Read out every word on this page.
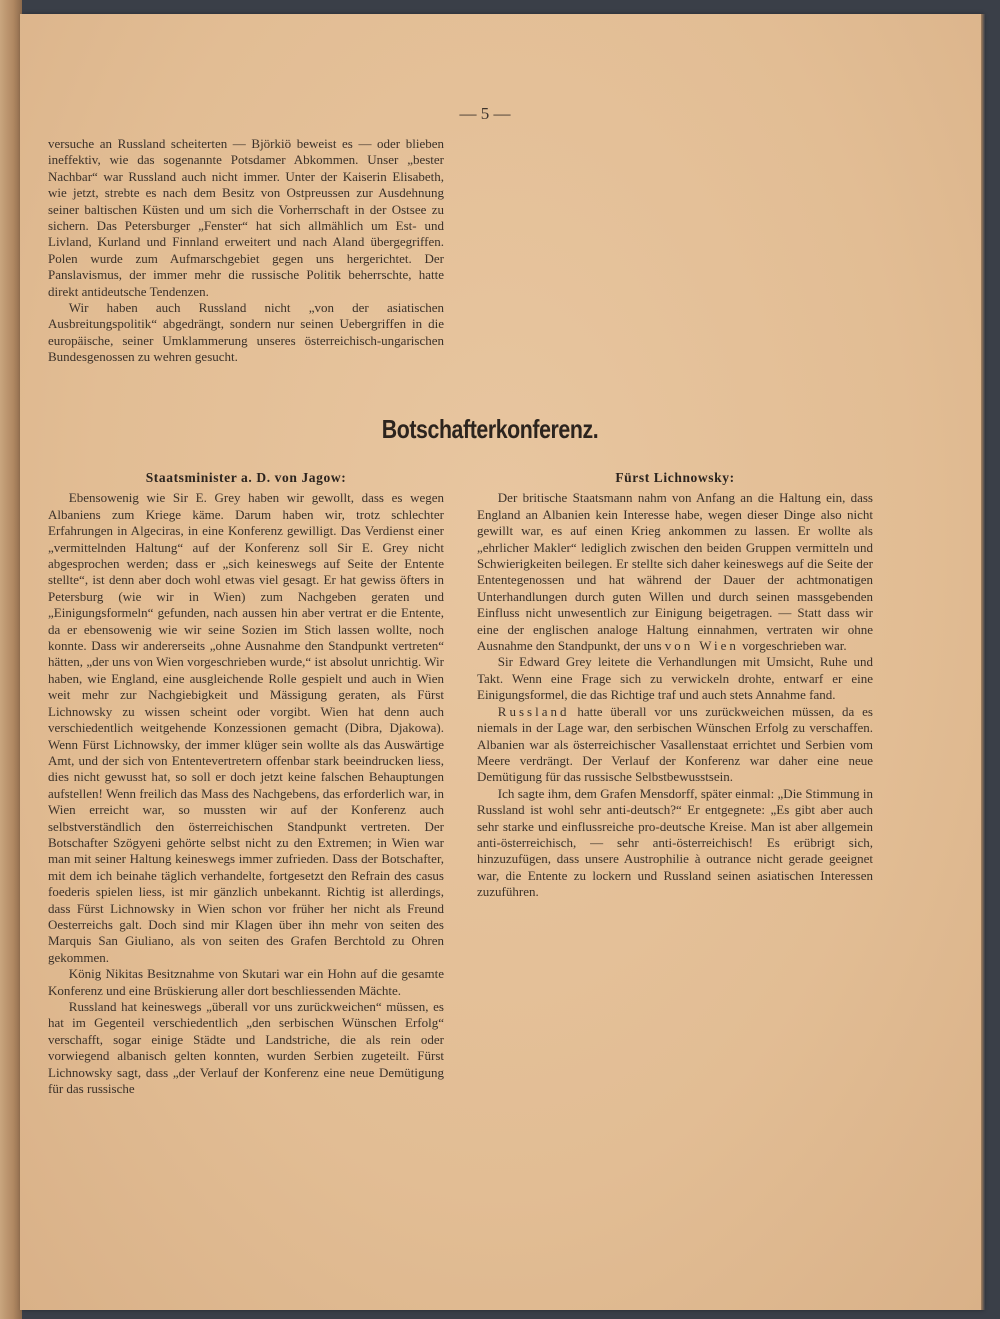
— 5 —

versuche an Russland scheiterten — Björkiö beweist es — oder blieben ineffektiv, wie das sogenannte Potsdamer Abkommen. Unser „bester Nachbar“ war Russland auch nicht immer. Unter der Kaiserin Elisabeth, wie jetzt, strebte es nach dem Besitz von Ostpreussen zur Ausdehnung seiner baltischen Küsten und um sich die Vorherrschaft in der Ostsee zu sichern. Das Petersburger „Fenster“ hat sich allmählich um Est- und Livland, Kurland und Finnland erweitert und nach Aland übergegriffen. Polen wurde zum Aufmarschgebiet gegen uns hergerichtet. Der Panslavismus, der immer mehr die russische Politik beherrschte, hatte direkt antideutsche Tendenzen.

Wir haben auch Russland nicht „von der asiatischen Ausbreitungspolitik“ abgedrängt, sondern nur seinen Uebergriffen in die europäische, seiner Umklammerung unseres österreichisch-ungarischen Bundesgenossen zu wehren gesucht.

Botschafterkonferenz.
Staatsminister a. D. von Jagow:

Ebensowenig wie Sir E. Grey haben wir gewollt, dass es wegen Albaniens zum Kriege käme. Darum haben wir, trotz schlechter Erfahrungen in Algeciras, in eine Konferenz gewilligt. Das Verdienst einer „vermittelnden Haltung“ auf der Konferenz soll Sir E. Grey nicht abgesprochen werden; dass er „sich keineswegs auf Seite der Entente stellte“, ist denn aber doch wohl etwas viel gesagt. Er hat gewiss öfters in Petersburg (wie wir in Wien) zum Nachgeben geraten und „Einigungsformeln“ gefunden, nach aussen hin aber vertrat er die Entente, da er ebensowenig wie wir seine Sozien im Stich lassen wollte, noch konnte. Dass wir andererseits „ohne Ausnahme den Standpunkt vertreten“ hätten, „der uns von Wien vorgeschrieben wurde,“ ist absolut unrichtig. Wir haben, wie England, eine ausgleichende Rolle gespielt und auch in Wien weit mehr zur Nachgiebigkeit und Mässigung geraten, als Fürst Lichnowsky zu wissen scheint oder vorgibt. Wien hat denn auch verschiedentlich weitgehende Konzessionen gemacht (Dibra, Djakowa). Wenn Fürst Lichnowsky, der immer klüger sein wollte als das Auswärtige Amt, und der sich von Ententevertretern offenbar stark beeindrucken liess, dies nicht gewusst hat, so soll er doch jetzt keine falschen Behauptungen aufstellen! Wenn freilich das Mass des Nachgebens, das erforderlich war, in Wien erreicht war, so mussten wir auf der Konferenz auch selbstverständlich den österreichischen Standpunkt vertreten. Der Botschafter Szögyeni gehörte selbst nicht zu den Extremen; in Wien war man mit seiner Haltung keineswegs immer zufrieden. Dass der Botschafter, mit dem ich beinahe täglich verhandelte, fortgesetzt den Refrain des casus foederis spielen liess, ist mir gänzlich unbekannt. Richtig ist allerdings, dass Fürst Lichnowsky in Wien schon vor früher her nicht als Freund Oesterreichs galt. Doch sind mir Klagen über ihn mehr von seiten des Marquis San Giuliano, als von seiten des Grafen Berchtold zu Ohren gekommen.

König Nikitas Besitznahme von Skutari war ein Hohn auf die gesamte Konferenz und eine Brüskierung aller dort beschliessenden Mächte.

Russland hat keineswegs „überall vor uns zurückweichen“ müssen, es hat im Gegenteil verschiedentlich „den serbischen Wünschen Erfolg“ verschafft, sogar einige Städte und Landstriche, die als rein oder vorwiegend albanisch gelten konnten, wurden Serbien zugeteilt. Fürst Lichnowsky sagt, dass „der Verlauf der Konferenz eine neue Demütigung für das russische

Fürst Lichnowsky:

Der britische Staatsmann nahm von Anfang an die Haltung ein, dass England an Albanien kein Interesse habe, wegen dieser Dinge also nicht gewillt war, es auf einen Krieg ankommen zu lassen. Er wollte als „ehrlicher Makler“ lediglich zwischen den beiden Gruppen vermitteln und Schwierigkeiten beilegen. Er stellte sich daher keineswegs auf die Seite der Ententegenossen und hat während der Dauer der achtmonatigen Unterhandlungen durch guten Willen und durch seinen massgebenden Einfluss nicht unwesentlich zur Einigung beigetragen. — Statt dass wir eine der englischen analoge Haltung einnahmen, vertraten wir ohne Ausnahme den Standpunkt, der uns von Wien vorgeschrieben war.

Sir Edward Grey leitete die Verhandlungen mit Umsicht, Ruhe und Takt. Wenn eine Frage sich zu verwickeln drohte, entwarf er eine Einigungsformel, die das Richtige traf und auch stets Annahme fand.

Russland hatte überall vor uns zurückweichen müssen, da es niemals in der Lage war, den serbischen Wünschen Erfolg zu verschaffen. Albanien war als österreichischer Vasallenstaat errichtet und Serbien vom Meere verdrängt. Der Verlauf der Konferenz war daher eine neue Demütigung für das russische Selbstbewusstsein.

Ich sagte ihm, dem Grafen Mensdorff, später einmal: „Die Stimmung in Russland ist wohl sehr anti-deutsch?“ Er entgegnete: „Es gibt aber auch sehr starke und einflussreiche pro-deutsche Kreise. Man ist aber allgemein anti-österreichisch, — sehr anti-österreichisch! Es erübrigt sich, hinzuzufügen, dass unsere Austrophilie à outrance nicht gerade geeignet war, die Entente zu lockern und Russland seinen asiatischen Interessen zuzuführen.
